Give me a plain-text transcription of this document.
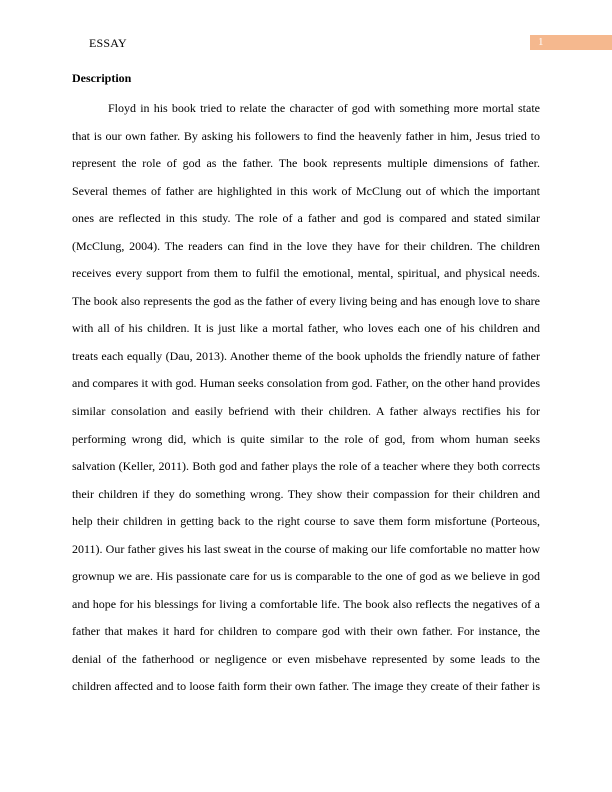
ESSAY	1
Description
Floyd in his book tried to relate the character of god with something more mortal state
that is our own father. By asking his followers to find the heavenly father in him, Jesus tried to
represent the role of god as the father. The book represents multiple dimensions of father.
Several themes of father are highlighted in this work of McClung out of which the important
ones are reflected in this study. The role of a father and god is compared and stated similar
(McClung, 2004). The readers can find in the love they have for their children. The children
receives every support from them to fulfil the emotional, mental, spiritual, and physical needs.
The book also represents the god as the father of every living being and has enough love to share
with all of his children. It is just like a mortal father, who loves each one of his children and
treats each equally (Dau, 2013). Another theme of the book upholds the friendly nature of father
and compares it with god. Human seeks consolation from god. Father, on the other hand provides
similar consolation and easily befriend with their children. A father always rectifies his for
performing wrong did, which is quite similar to the role of god, from whom human seeks
salvation (Keller, 2011). Both god and father plays the role of a teacher where they both corrects
their children if they do something wrong. They show their compassion for their children and
help their children in getting back to the right course to save them form misfortune (Porteous,
2011). Our father gives his last sweat in the course of making our life comfortable no matter how
grownup we are. His passionate care for us is comparable to the one of god as we believe in god
and hope for his blessings for living a comfortable life. The book also reflects the negatives of a
father that makes it hard for children to compare god with their own father. For instance, the
denial of the fatherhood or negligence or even misbehave represented by some leads to the
children affected and to loose faith form their own father. The image they create of their father is
